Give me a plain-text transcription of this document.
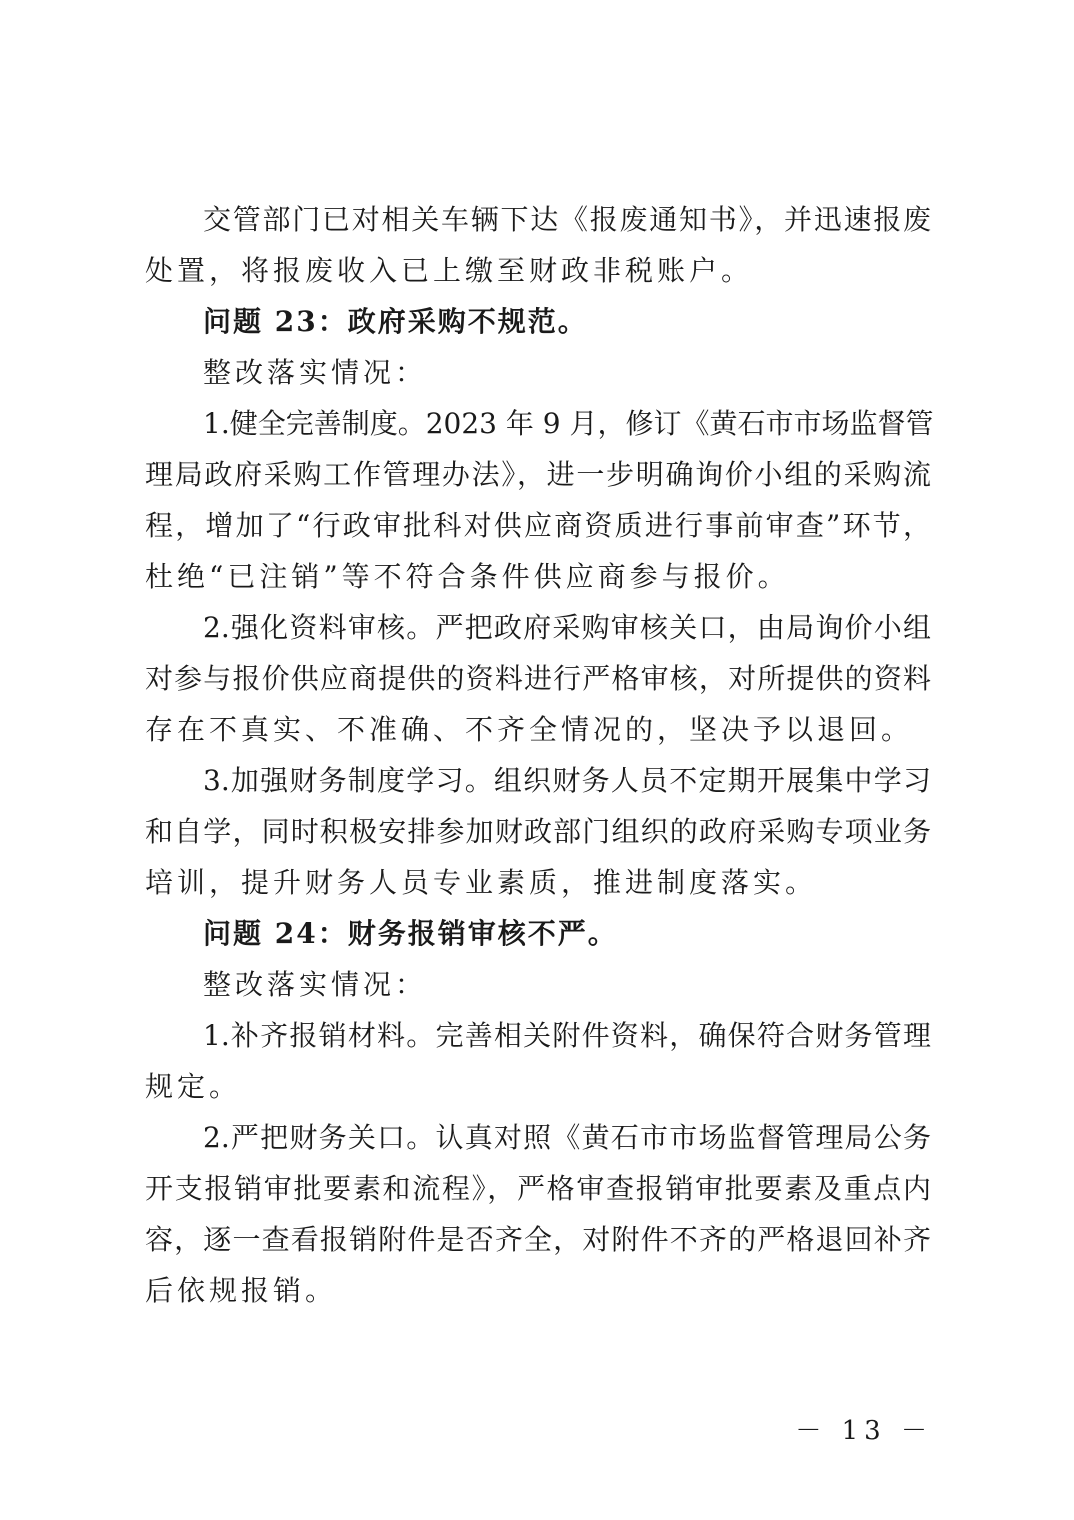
交管部门已对相关车辆下达《报废通知书》，并迅速报废
处置，将报废收入已上缴至财政非税账户。
问题 23：政府采购不规范。
整改落实情况：
1.健全完善制度。2023 年 9 月，修订《黄石市市场监督管
理局政府采购工作管理办法》，进一步明确询价小组的采购流
程，增加了“行政审批科对供应商资质进行事前审查”环节，
杜绝“已注销”等不符合条件供应商参与报价。
2.强化资料审核。严把政府采购审核关口，由局询价小组
对参与报价供应商提供的资料进行严格审核，对所提供的资料
存在不真实、不准确、不齐全情况的，坚决予以退回。
3.加强财务制度学习。组织财务人员不定期开展集中学习
和自学，同时积极安排参加财政部门组织的政府采购专项业务
培训，提升财务人员专业素质，推进制度落实。
问题 24：财务报销审核不严。
整改落实情况：
1.补齐报销材料。完善相关附件资料，确保符合财务管理
规定。
2.严把财务关口。认真对照《黄石市市场监督管理局公务
开支报销审批要素和流程》，严格审查报销审批要素及重点内
容，逐一查看报销附件是否齐全，对附件不齐的严格退回补齐
后依规报销。
－ 13 －
